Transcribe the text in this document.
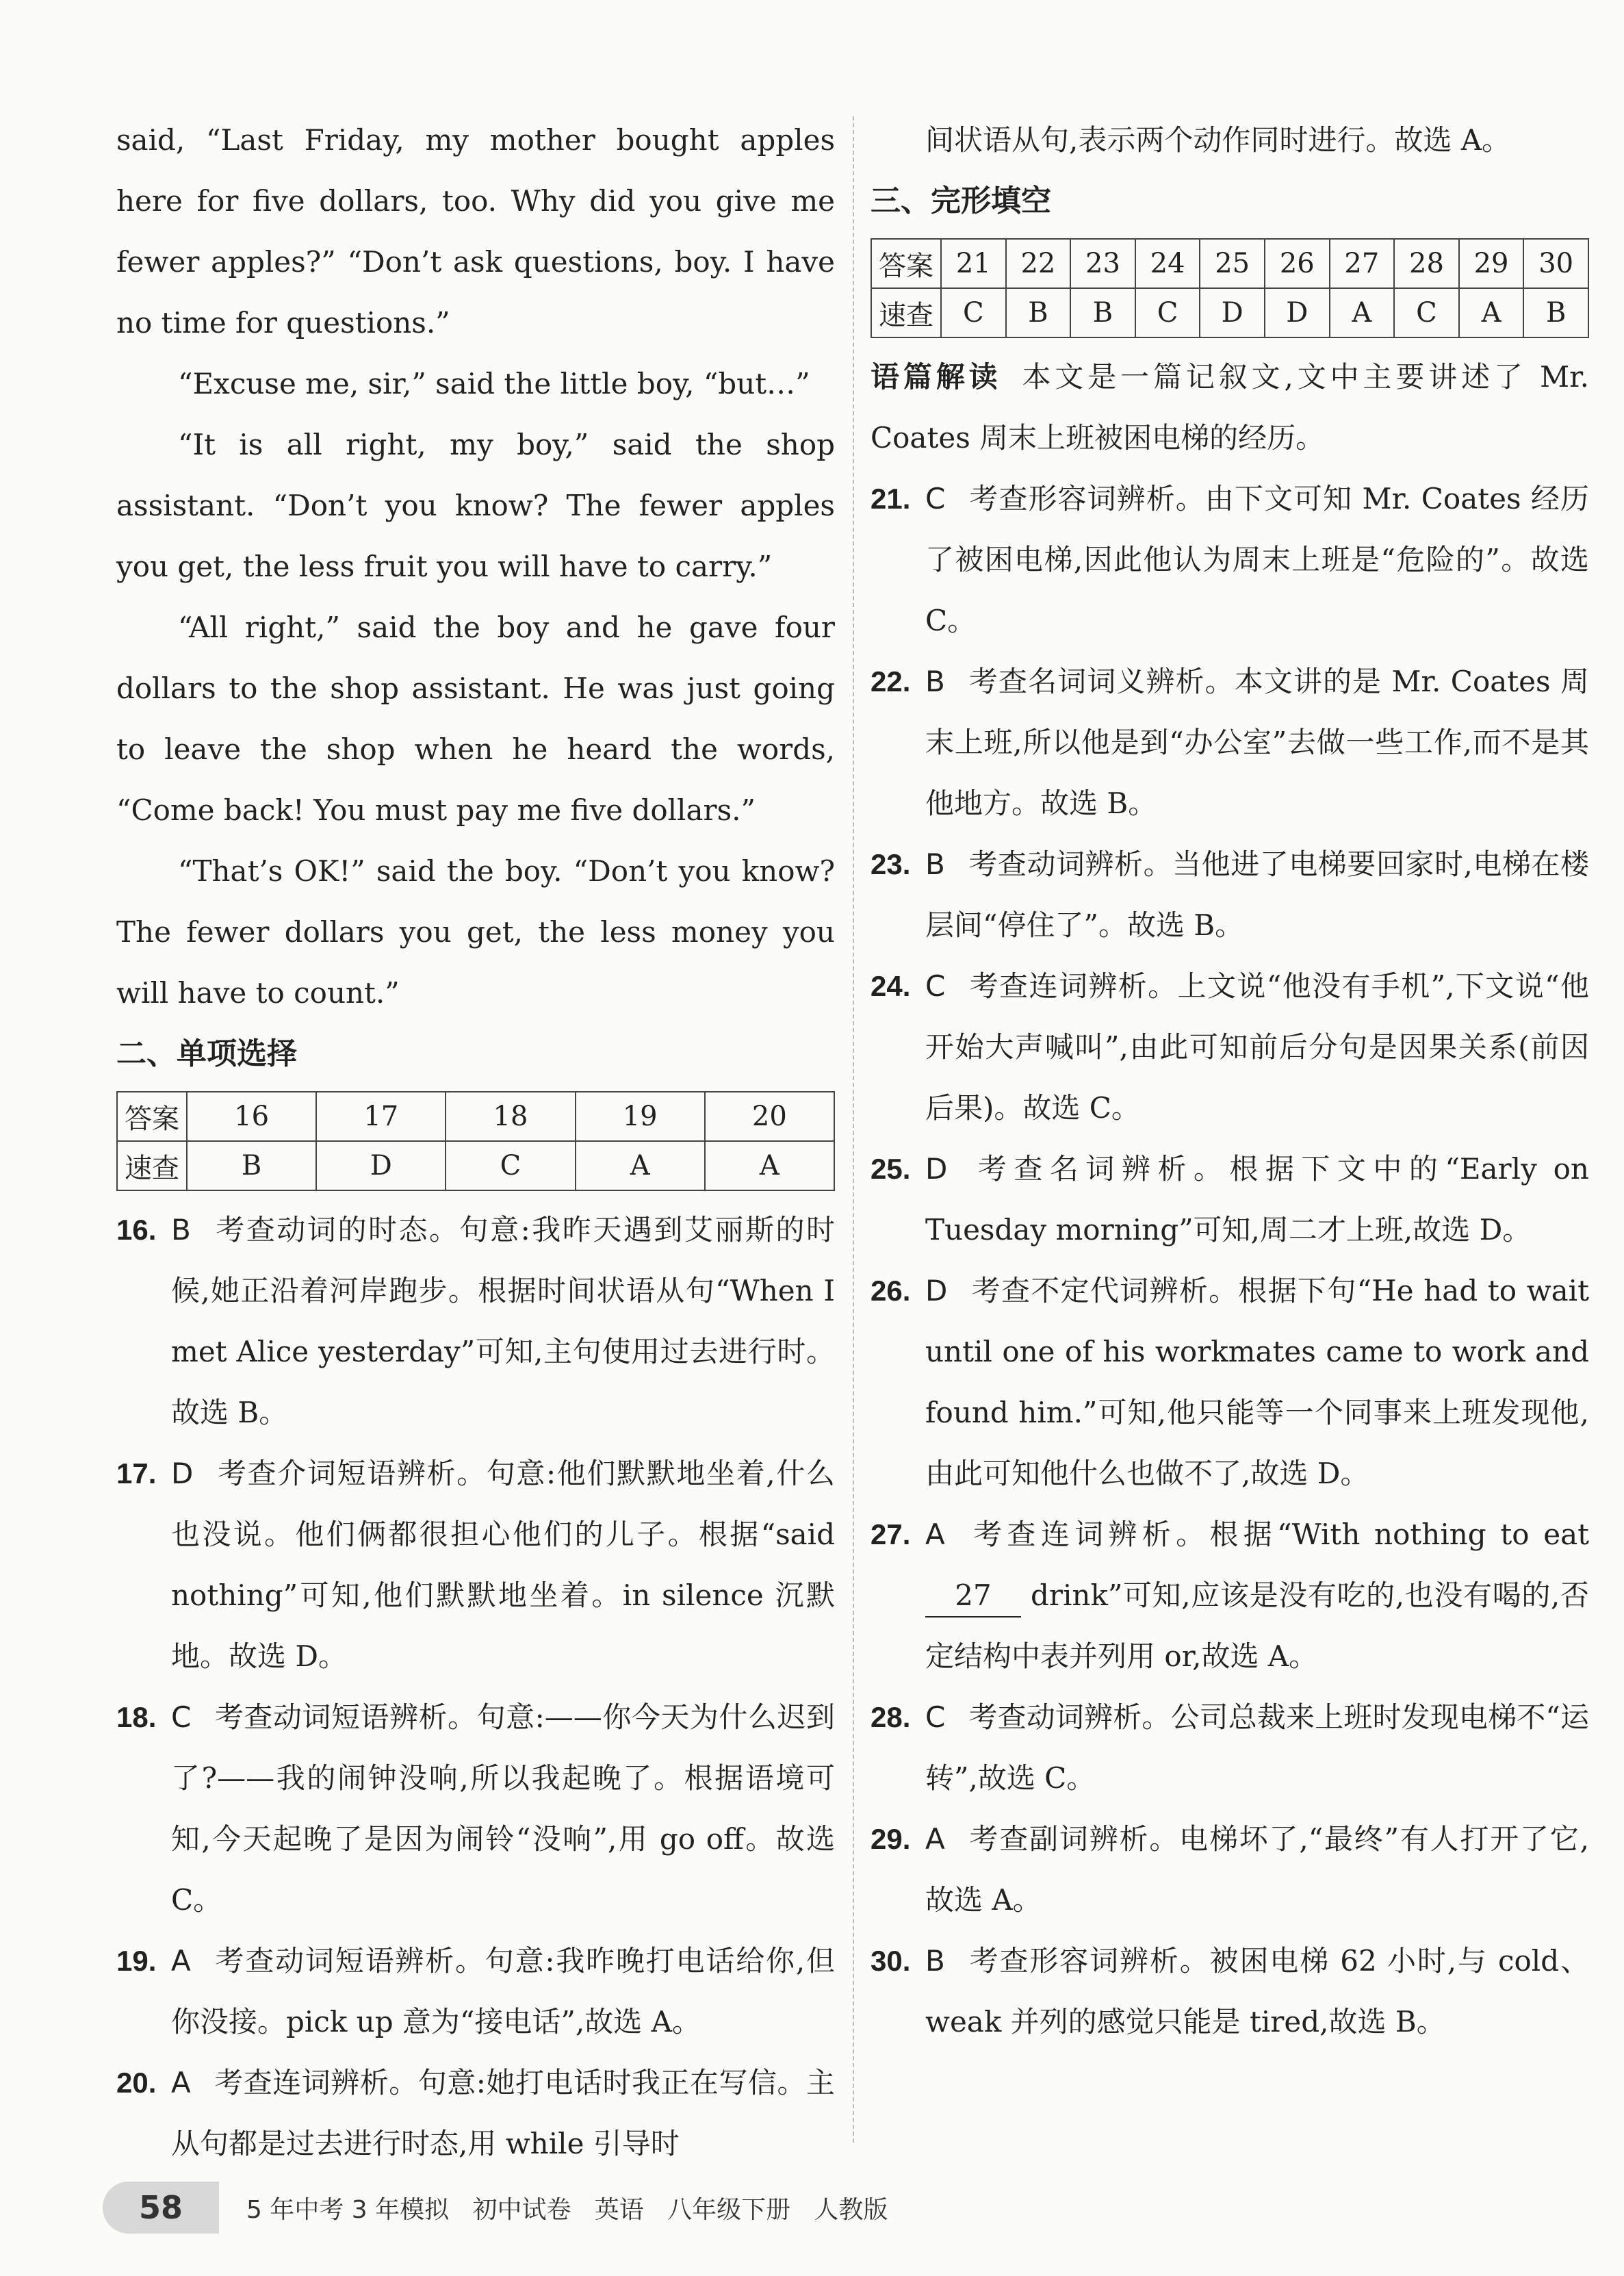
said, “Last Friday, my mother bought apples here for five dollars, too. Why did you give me fewer apples?” “Don’t ask questions, boy. I have no time for questions.”

“Excuse me, sir,” said the little boy, “but…”

“It is all right, my boy,” said the shop assistant. “Don’t you know? The fewer apples you get, the less fruit you will have to carry.”

“All right,” said the boy and he gave four dollars to the shop assistant. He was just going to leave the shop when he heard the words, “Come back! You must pay me five dollars.”

“That’s OK!” said the boy. “Don’t you know? The fewer dollars you get, the less money you will have to count.”

二、单项选择
答案	16	17	18	19	20
速查	B	D	C	A	A
16. B 考查动词的时态。句意:我昨天遇到艾丽斯的时候,她正沿着河岸跑步。根据时间状语从句“When I met Alice yesterday”可知,主句使用过去进行时。故选 B。

17. D 考查介词短语辨析。句意:他们默默地坐着,什么也没说。他们俩都很担心他们的儿子。根据“said nothing”可知,他们默默地坐着。in silence 沉默地。故选 D。

18. C 考查动词短语辨析。句意:——你今天为什么迟到了?——我的闹钟没响,所以我起晚了。根据语境可知,今天起晚了是因为闹铃“没响”,用 go off。故选 C。

19. A 考查动词短语辨析。句意:我昨晚打电话给你,但你没接。pick up 意为“接电话”,故选 A。

20. A 考查连词辨析。句意:她打电话时我正在写信。主从句都是过去进行时态,用 while 引导时

间状语从句,表示两个动作同时进行。故选 A。

三、完形填空
答案	21	22	23	24	25	26	27	28	29	30
速查	C	B	B	C	D	D	A	C	A	B

语篇解读 本文是一篇记叙文,文中主要讲述了 Mr. Coates 周末上班被困电梯的经历。

21. C 考查形容词辨析。由下文可知 Mr. Coates 经历了被困电梯,因此他认为周末上班是“危险的”。故选 C。

22. B 考查名词词义辨析。本文讲的是 Mr. Coates 周末上班,所以他是到“办公室”去做一些工作,而不是其他地方。故选 B。

23. B 考查动词辨析。当他进了电梯要回家时,电梯在楼层间“停住了”。故选 B。

24. C 考查连词辨析。上文说“他没有手机”,下文说“他开始大声喊叫”,由此可知前后分句是因果关系(前因后果)。故选 C。

25. D 考查名词辨析。根据下文中的“Early on Tuesday morning”可知,周二才上班,故选 D。

26. D 考查不定代词辨析。根据下句“He had to wait until one of his workmates came to work and found him.”可知,他只能等一个同事来上班发现他,由此可知他什么也做不了,故选 D。

27. A 考查连词辨析。根据“With nothing to eat 27 drink”可知,应该是没有吃的,也没有喝的,否定结构中表并列用 or,故选 A。

28. C 考查动词辨析。公司总裁来上班时发现电梯不“运转”,故选 C。

29. A 考查副词辨析。电梯坏了,“最终”有人打开了它,故选 A。

30. B 考查形容词辨析。被困电梯 62 小时,与 cold、weak 并列的感觉只能是 tired,故选 B。

58	5 年中考 3 年模拟   初中试卷   英语   八年级下册   人教版
